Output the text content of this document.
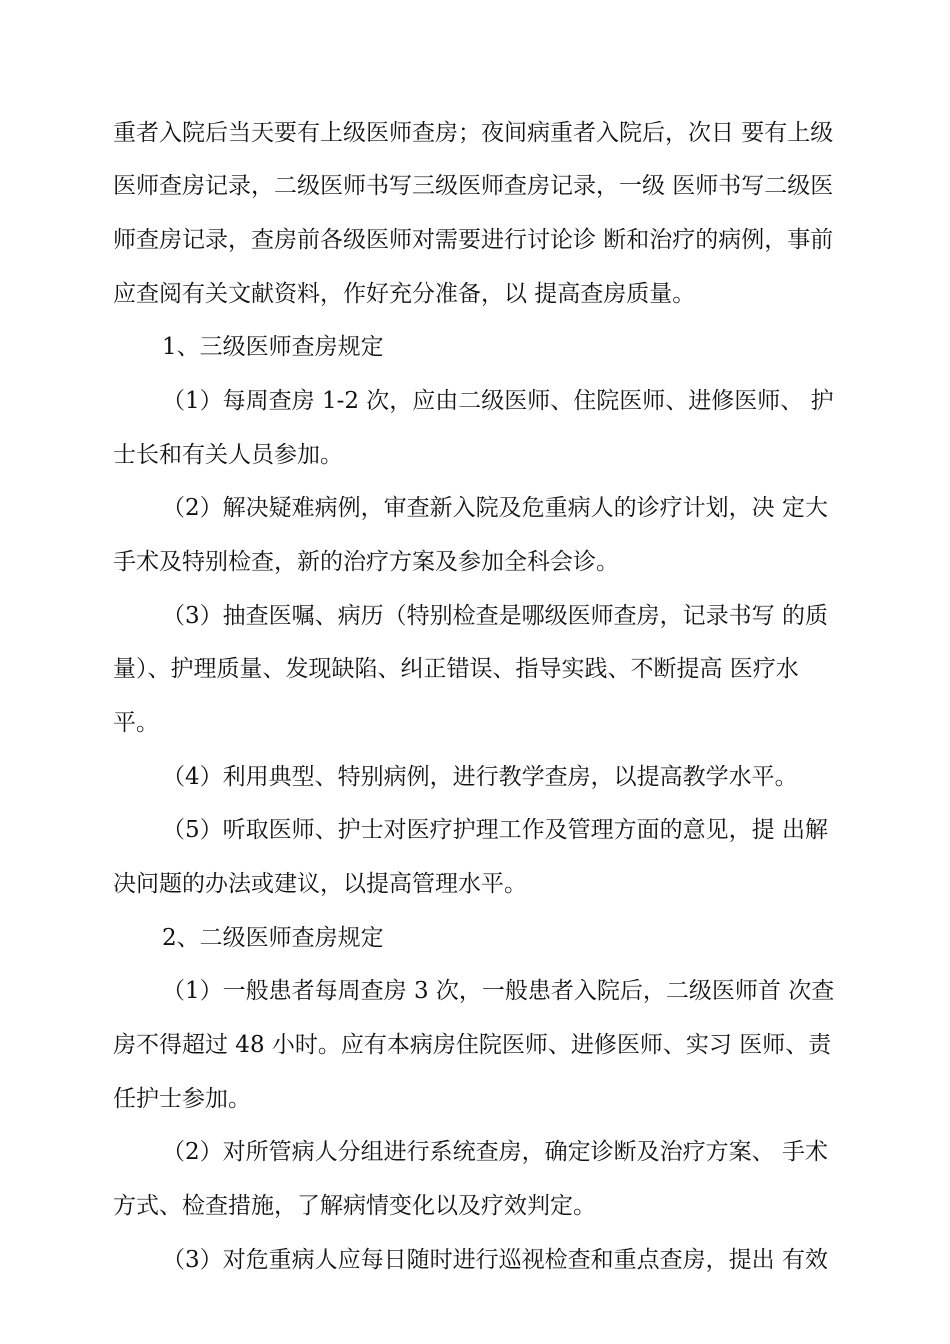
重者入院后当天要有上级医师查房；夜间病重者入院后，次日 要有上级
医师查房记录，二级医师书写三级医师查房记录，一级 医师书写二级医
师查房记录，查房前各级医师对需要进行讨论诊 断和治疗的病例，事前
应查阅有关文献资料，作好充分准备，以 提高查房质量。
1、三级医师查房规定
（1）每周查房 1-2 次，应由二级医师、住院医师、进修医师、 护
士长和有关人员参加。
（2）解决疑难病例，审查新入院及危重病人的诊疗计划，决 定大
手术及特别检查，新的治疗方案及参加全科会诊。
（3）抽查医嘱、病历（特别检查是哪级医师查房，记录书写 的质
量）、护理质量、发现缺陷、纠正错误、指导实践、不断提高 医疗水
平。
（4）利用典型、特别病例，进行教学查房，以提高教学水平。
（5）听取医师、护士对医疗护理工作及管理方面的意见，提 出解
决问题的办法或建议，以提高管理水平。
2、二级医师查房规定
（1）一般患者每周查房 3 次，一般患者入院后，二级医师首 次查
房不得超过 48 小时。应有本病房住院医师、进修医师、实习 医师、责
任护士参加。
（2）对所管病人分组进行系统查房，确定诊断及治疗方案、 手术
方式、检查措施，了解病情变化以及疗效判定。
（3）对危重病人应每日随时进行巡视检查和重点查房，提出 有效
